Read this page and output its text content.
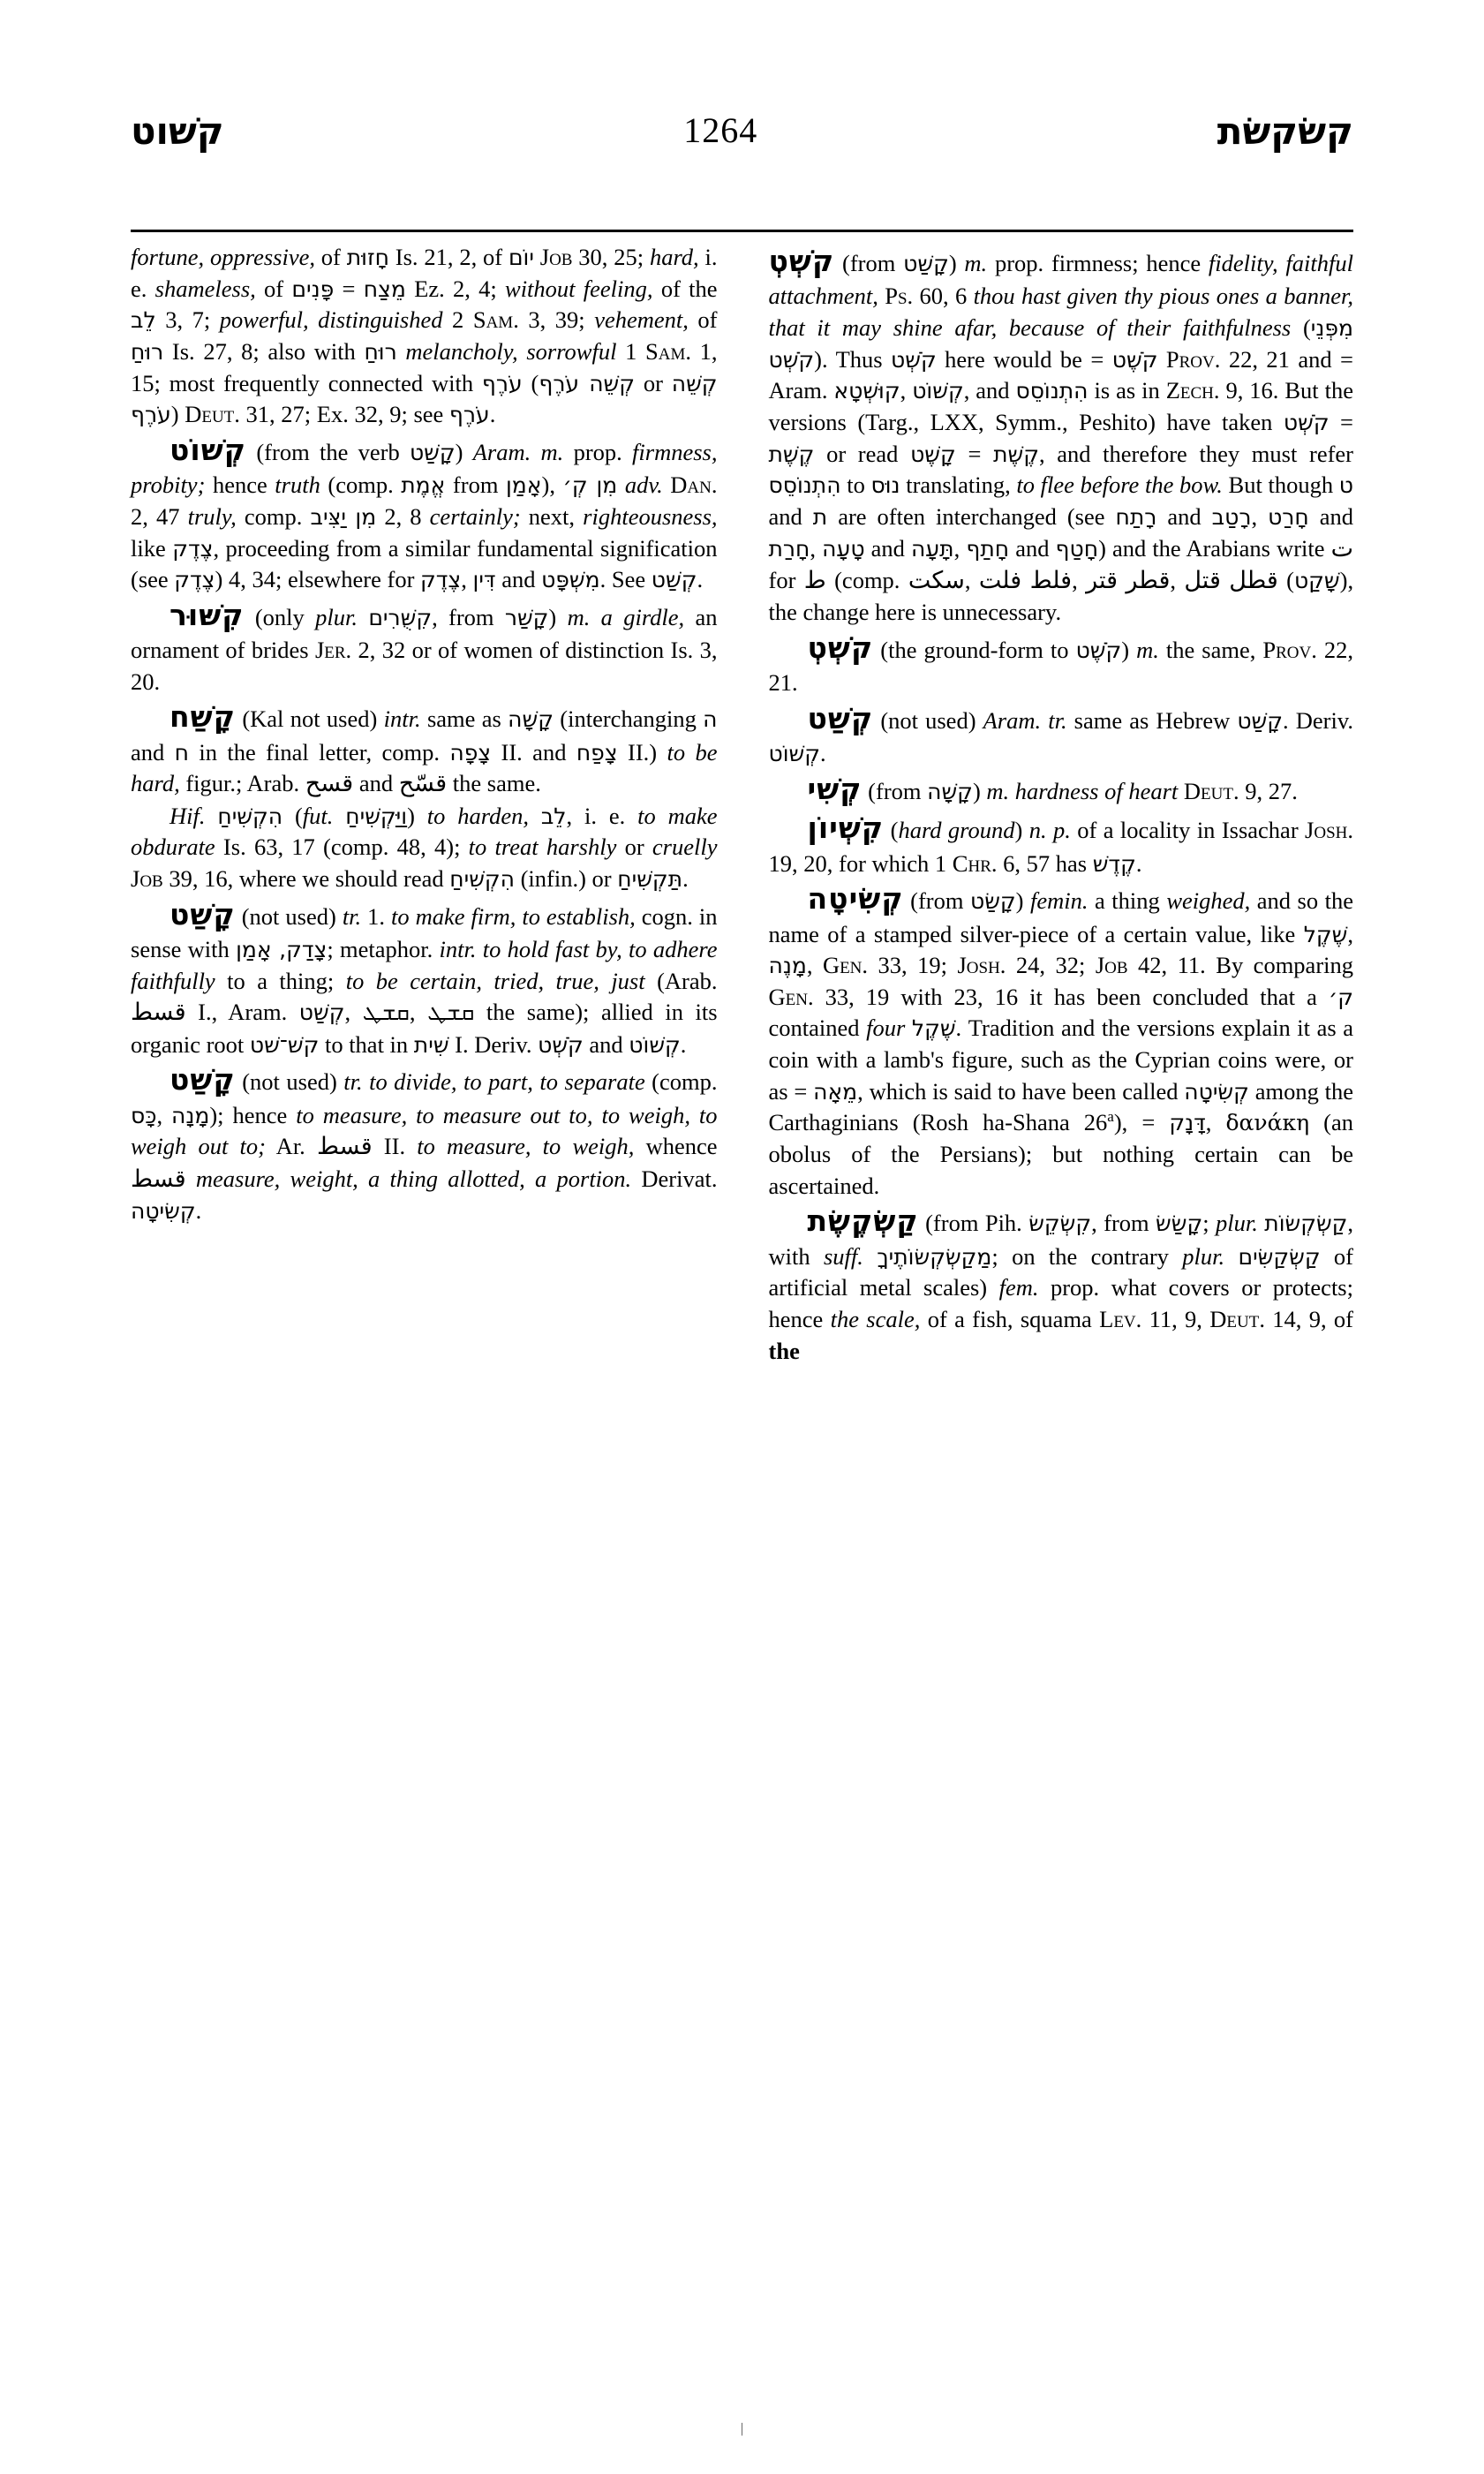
קשׁוט	1264	קשׂקשׂת

fortune, oppressive, of חָזוּת Is. 21, 2, of יוֹם Job 30, 25; hard, i. e. shameless, of פָּנִים = מֵצַח Ez. 2, 4; without feeling, of the לֵב 3, 7; powerful, distinguished 2 Sam. 3, 39; vehement, of רוּחַ Is. 27, 8; also with רוּחַ melancholy, sorrowful 1 Sam. 1, 15; most frequently connected with עֹרֶף (קְשֵׁה עֹרֶף or קְשֵׁה עֹרֶף) Deut. 31, 27; Ex. 32, 9; see עֹרֶף.

קְשׁוֹט (from the verb קָשַׁט) Aram. m. prop. firmness, probity; hence truth (comp. אֱמֶת from אָמַן), מִן קְ׳ adv. Dan. 2, 47 truly, comp. מִן יַצִּיב 2, 8 certainly; next, righteousness, like צֶדֶק, proceeding from a similar fundamental signification (see צֶדֶק) 4, 34; elsewhere for צֶדֶק, דִּין and מִשְׁפָּט. See קְשַׁט.

קִשּׁוּר (only plur. קִשֻּׁרִים, from קָשַׁר) m. a girdle, an ornament of brides Jer. 2, 32 or of women of distinction Is. 3, 20.

קָשַׁח (Kal not used) intr. same as קָשָׁה (interchanging ה and ח in the final letter, comp. צָפָה II. and צָפַח II.) to be hard, figur.; Arab. قسح and قسّح the same.

Hif. הִקְשִׁיחַ (fut. וַיַּקְשִׁיחַ) to harden, לֵב, i. e. to make obdurate Is. 63, 17 (comp. 48, 4); to treat harshly or cruelly Job 39, 16, where we should read הִקְשִׁיחַ (infin.) or תַּקְשִׁיחַ.

קָשַׁט (not used) tr. 1. to make firm, to establish, cogn. in sense with צָדַק, אָמַן; metaphor. intr. to hold fast by, to adhere faithfully to a thing; to be certain, tried, true, just (Arab. قسط I., Aram. קְשַׁט, ܩܫܛ, ܩܫܛ the same); allied in its organic root קשׁ־שׁט to that in שִׁית I. Deriv. קֹשְׁט and קְשׁוֹט.

קָשַׁט (not used) tr. to divide, to part, to separate (comp. כָּס, מָנָה); hence to measure, to measure out to, to weigh, to weigh out to; Ar. قسط II. to measure, to weigh, whence قسط measure, weight, a thing allotted, a portion. Derivat. קְשִׂיטָה.

קֹשְׁטְ (from קָשַׁט) m. prop. firmness; hence fidelity, faithful attachment, Ps. 60, 6 thou hast given thy pious ones a banner, that it may shine afar, because of their faithfulness (מִפְּנֵי קֹשְׁט). Thus קֹשְׁט here would be = קֹשֶׁט Prov. 22, 21 and = Aram. קוּשְׁטָא, קְשׁוֹט, and הִתְנוֹסֵס is as in Zech. 9, 16. But the versions (Targ., LXX, Symm., Peshito) have taken קֹשְׁט = קֶשֶׁת or read קָשֶׁט = קֶשֶׁת, and therefore they must refer הִתְנוֹסֵס to נוּס translating, to flee before the bow. But though ט and ת are often interchanged (see רָתַח and רָטַב, חָרַט and חָרַת, טָעָה and תָּעָה, חָתַף and חָטַף) and the Arabians write ت for ط (comp. سكت, فلت فلط, قتر قطر, قتل قطل (שָׁקַט), the change here is unnecessary.

קֹשְׁטְ (the ground-form to קֹשֶׁט) m. the same, Prov. 22, 21.

קְשַׁט (not used) Aram. tr. same as Hebrew קָשַׁט. Deriv. קְשׁוֹט.

קְשִׁי (from קָשָׁה) m. hardness of heart Deut. 9, 27.

קִשְׁיוֹן (hard ground) n. p. of a locality in Issachar Josh. 19, 20, for which 1 Chr. 6, 57 has קֶדֶשׁ.

קְשִׂיטָה (from קָשַׂט) femin. a thing weighed, and so the name of a stamped silver-piece of a certain value, like שֶׁקֶל, מָנֶה, Gen. 33, 19; Josh. 24, 32; Job 42, 11. By comparing Gen. 33, 19 with 23, 16 it has been concluded that a ק׳ contained four שֶׁקֶל. Tradition and the versions explain it as a coin with a lamb's figure, such as the Cyprian coins were, or as = מֵאָה, which is said to have been called קְשִׂיטָה among the Carthaginians (Rosh ha-Shana $26^a$), = דָּנָק, δανάκη (an obolus of the Persians); but nothing certain can be ascertained.

קַשְׂקֶשֶׂת (from Pih. קִשְׂקֵשׂ, from קָשַׂשׂ; plur. קַשְׂקְשׂוֹת, with suff. מַקַשְׂקְשׂוֹתֶיךָ; on the contrary plur. קַשְׂקַשִּׂים of artificial metal scales) fem. prop. what covers or protects; hence the scale, of a fish, squama Lev. 11, 9, Deut. 14, 9, of the

|
